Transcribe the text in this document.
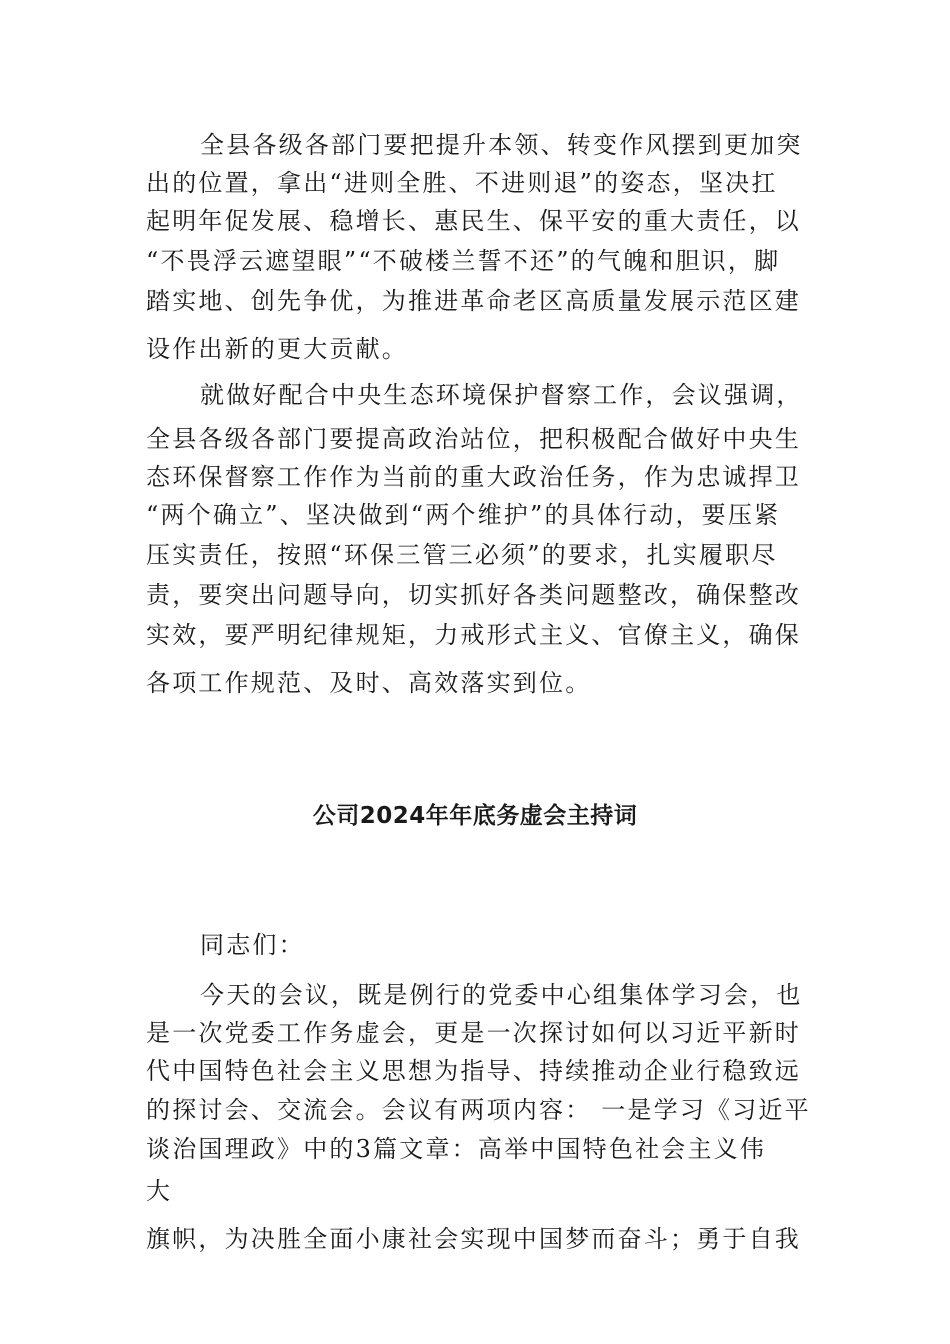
全县各级各部门要把提升本领、转变作风摆到更加突
出的位置，拿出“进则全胜、不进则退”的姿态，坚决扛
起明年促发展、稳增长、惠民生、保平安的重大责任，以
“不畏浮云遮望眼”“不破楼兰誓不还”的气魄和胆识，脚
踏实地、创先争优，为推进革命老区高质量发展示范区建
设作出新的更大贡献。
就做好配合中央生态环境保护督察工作，会议强调，
全县各级各部门要提高政治站位，把积极配合做好中央生
态环保督察工作作为当前的重大政治任务，作为忠诚捍卫
“两个确立”、坚决做到“两个维护”的具体行动，要压紧
压实责任，按照“环保三管三必须”的要求，扎实履职尽
责，要突出问题导向，切实抓好各类问题整改，确保整改
实效，要严明纪律规矩，力戒形式主义、官僚主义，确保
各项工作规范、及时、高效落实到位。
公司2024年年底务虚会主持词
同志们：
今天的会议，既是例行的党委中心组集体学习会，也
是一次党委工作务虚会，更是一次探讨如何以习近平新时
代中国特色社会主义思想为指导、持续推动企业行稳致远
的探讨会、交流会。会议有两项内容： 一是学习《习近平
谈治国理政》中的3篇文章：高举中国特色社会主义伟
大
旗帜，为决胜全面小康社会实现中国梦而奋斗；勇于自我
